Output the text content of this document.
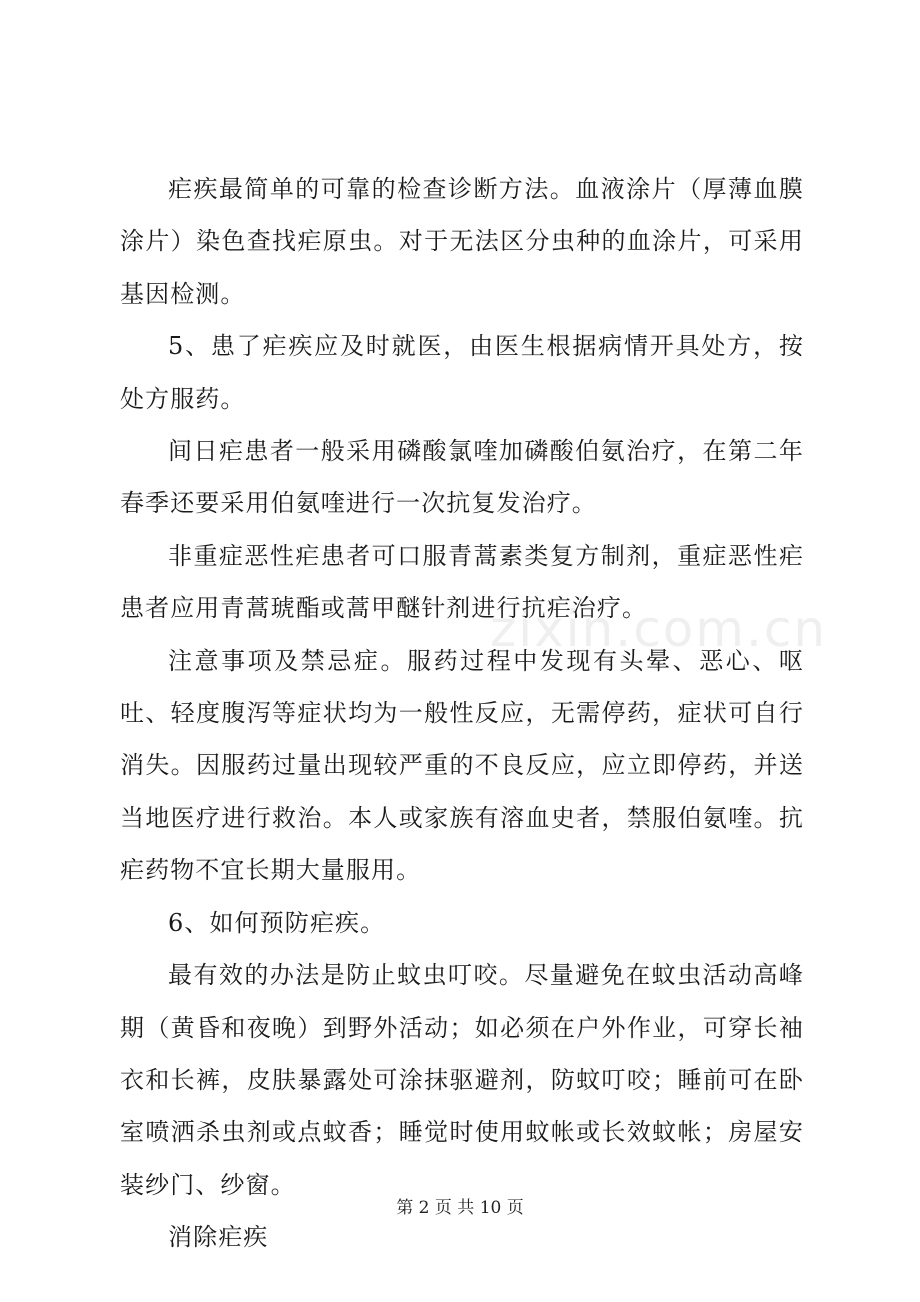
疟疾最简单的可靠的检查诊断方法。血液涂片（厚薄血膜涂片）染色查找疟原虫。对于无法区分虫种的血涂片，可采用基因检测。

5、患了疟疾应及时就医，由医生根据病情开具处方，按处方服药。

间日疟患者一般采用磷酸氯喹加磷酸伯氨治疗，在第二年春季还要采用伯氨喹进行一次抗复发治疗。

非重症恶性疟患者可口服青蒿素类复方制剂，重症恶性疟患者应用青蒿琥酯或蒿甲醚针剂进行抗疟治疗。

注意事项及禁忌症。服药过程中发现有头晕、恶心、呕吐、轻度腹泻等症状均为一般性反应，无需停药，症状可自行消失。因服药过量出现较严重的不良反应，应立即停药，并送当地医疗进行救治。本人或家族有溶血史者，禁服伯氨喹。抗疟药物不宜长期大量服用。

6、如何预防疟疾。

最有效的办法是防止蚊虫叮咬。尽量避免在蚊虫活动高峰期（黄昏和夜晚）到野外活动；如必须在户外作业，可穿长袖衣和长裤，皮肤暴露处可涂抹驱避剂，防蚊叮咬；睡前可在卧室喷洒杀虫剂或点蚊香；睡觉时使用蚊帐或长效蚊帐；房屋安装纱门、纱窗。

消除疟疾

zixin.com.cn
第 2 页 共 10 页
